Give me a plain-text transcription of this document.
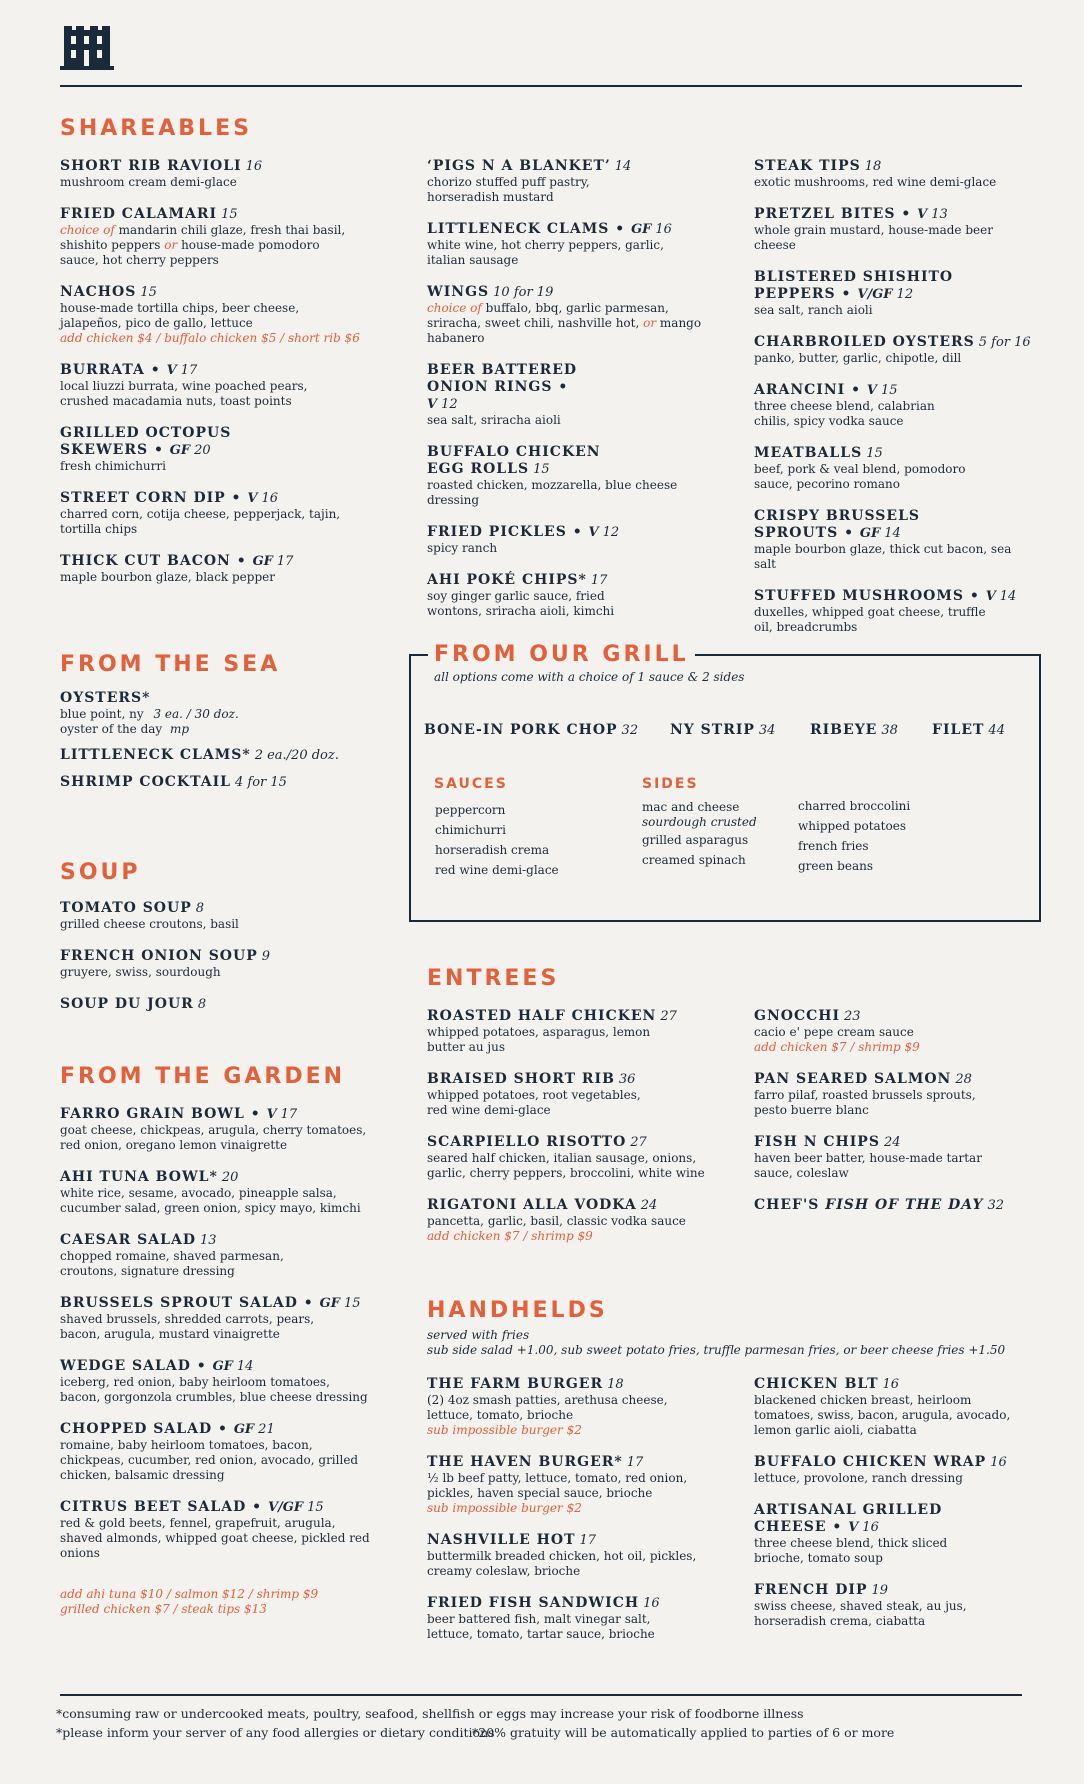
SHAREABLES
SHORT RIB RAVIOLI 16
mushroom cream demi-glace
FRIED CALAMARI 15
choice of mandarin chili glaze, fresh thai basil, shishito peppers or house-made pomodoro sauce, hot cherry peppers
NACHOS 15
house-made tortilla chips, beer cheese, jalapeños, pico de gallo, lettuce
add chicken $4 / buffalo chicken $5 / short rib $6
BURRATA • V 17
local liuzzi burrata, wine poached pears, crushed macadamia nuts, toast points
GRILLED OCTOPUS SKEWERS • GF 20
fresh chimichurri
STREET CORN DIP • V 16
charred corn, cotija cheese, pepperjack, tajin, tortilla chips
THICK CUT BACON • GF 17
maple bourbon glaze, black pepper
‘PIGS N A BLANKET’ 14
chorizo stuffed puff pastry, horseradish mustard
LITTLENECK CLAMS • GF 16
white wine, hot cherry peppers, garlic, italian sausage
WINGS 10 for 19
choice of buffalo, bbq, garlic parmesan, sriracha, sweet chili, nashville hot, or mango habanero
BEER BATTERED ONION RINGS • V 12
sea salt, sriracha aioli
BUFFALO CHICKEN EGG ROLLS 15
roasted chicken, mozzarella, blue cheese dressing
FRIED PICKLES • V 12
spicy ranch
AHI POKÉ CHIPS* 17
soy ginger garlic sauce, fried wontons, sriracha aioli, kimchi
STEAK TIPS 18
exotic mushrooms, red wine demi-glace
PRETZEL BITES • V 13
whole grain mustard, house-made beer cheese
BLISTERED SHISHITO PEPPERS • V/GF 12
sea salt, ranch aioli
CHARBROILED OYSTERS 5 for 16
panko, butter, garlic, chipotle, dill
ARANCINI • V 15
three cheese blend, calabrian chilis, spicy vodka sauce
MEATBALLS 15
beef, pork & veal blend, pomodoro sauce, pecorino romano
CRISPY BRUSSELS SPROUTS • GF 14
maple bourbon glaze, thick cut bacon, sea salt
STUFFED MUSHROOMS • V 14
duxelles, whipped goat cheese, truffle oil, breadcrumbs
FROM THE SEA
OYSTERS*
blue point, ny 3 ea. / 30 doz.
oyster of the day mp
LITTLENECK CLAMS* 2 ea./20 doz.
SHRIMP COCKTAIL 4 for 15
SOUP
TOMATO SOUP 8
grilled cheese croutons, basil
FRENCH ONION SOUP 9
gruyere, swiss, sourdough
SOUP DU JOUR 8
FROM THE GARDEN
FARRO GRAIN BOWL • V 17
goat cheese, chickpeas, arugula, cherry tomatoes, red onion, oregano lemon vinaigrette
AHI TUNA BOWL* 20
white rice, sesame, avocado, pineapple salsa, cucumber salad, green onion, spicy mayo, kimchi
CAESAR SALAD 13
chopped romaine, shaved parmesan, croutons, signature dressing
BRUSSELS SPROUT SALAD • GF 15
shaved brussels, shredded carrots, pears, bacon, arugula, mustard vinaigrette
WEDGE SALAD • GF 14
iceberg, red onion, baby heirloom tomatoes, bacon, gorgonzola crumbles, blue cheese dressing
CHOPPED SALAD • GF 21
romaine, baby heirloom tomatoes, bacon, chickpeas, cucumber, red onion, avocado, grilled chicken, balsamic dressing
CITRUS BEET SALAD • V/GF 15
red & gold beets, fennel, grapefruit, arugula, shaved almonds, whipped goat cheese, pickled red onions
add ahi tuna $10 / salmon $12 / shrimp $9
grilled chicken $7 / steak tips $13
FROM OUR GRILL
all options come with a choice of 1 sauce & 2 sides
BONE-IN PORK CHOP 32 NY STRIP 34 RIBEYE 38 FILET 44
SAUCES
peppercorn
chimichurri
horseradish crema
red wine demi-glace
SIDES
mac and cheese
sourdough crusted
grilled asparagus
creamed spinach
charred broccolini
whipped potatoes
french fries
green beans
ENTREES
ROASTED HALF CHICKEN 27
whipped potatoes, asparagus, lemon butter au jus
BRAISED SHORT RIB 36
whipped potatoes, root vegetables, red wine demi-glace
SCARPIELLO RISOTTO 27
seared half chicken, italian sausage, onions, garlic, cherry peppers, broccolini, white wine
RIGATONI ALLA VODKA 24
pancetta, garlic, basil, classic vodka sauce
add chicken $7 / shrimp $9
GNOCCHI 23
cacio e' pepe cream sauce
add chicken $7 / shrimp $9
PAN SEARED SALMON 28
farro pilaf, roasted brussels sprouts, pesto buerre blanc
FISH N CHIPS 24
haven beer batter, house-made tartar sauce, coleslaw
CHEF'S FISH OF THE DAY 32
HANDHELDS
served with fries
sub side salad +1.00, sub sweet potato fries, truffle parmesan fries, or beer cheese fries +1.50
THE FARM BURGER 18
(2) 4oz smash patties, arethusa cheese, lettuce, tomato, brioche
sub impossible burger $2
THE HAVEN BURGER* 17
½ lb beef patty, lettuce, tomato, red onion, pickles, haven special sauce, brioche
sub impossible burger $2
NASHVILLE HOT 17
buttermilk breaded chicken, hot oil, pickles, creamy coleslaw, brioche
FRIED FISH SANDWICH 16
beer battered fish, malt vinegar salt, lettuce, tomato, tartar sauce, brioche
CHICKEN BLT 16
blackened chicken breast, heirloom tomatoes, swiss, bacon, arugula, avocado, lemon garlic aioli, ciabatta
BUFFALO CHICKEN WRAP 16
lettuce, provolone, ranch dressing
ARTISANAL GRILLED CHEESE • V 16
three cheese blend, thick sliced brioche, tomato soup
FRENCH DIP 19
swiss cheese, shaved steak, au jus, horseradish crema, ciabatta
*consuming raw or undercooked meats, poultry, seafood, shellfish or eggs may increase your risk of foodborne illness
*please inform your server of any food allergies or dietary conditions
*20% gratuity will be automatically applied to parties of 6 or more
